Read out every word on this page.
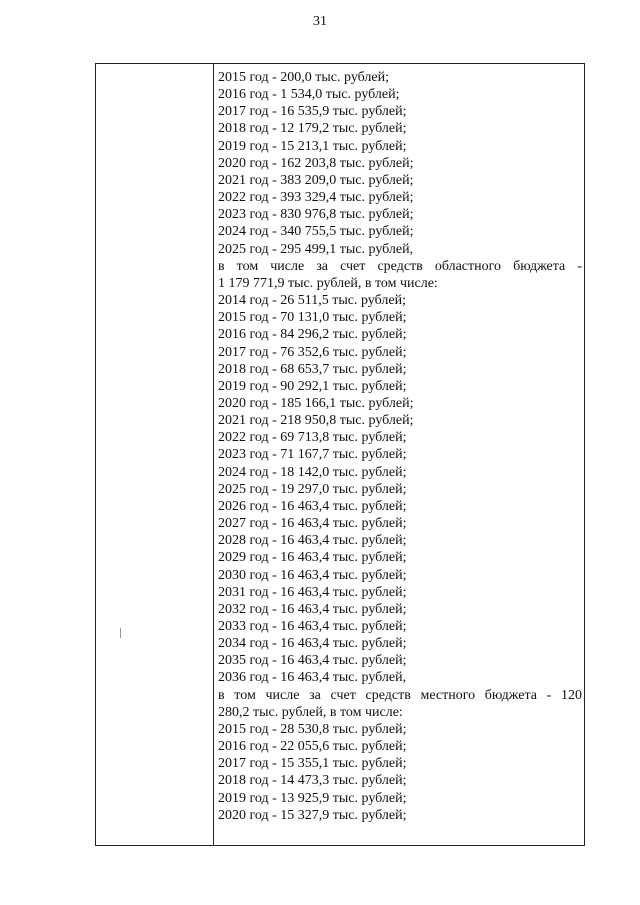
31
2015 год - 200,0 тыс. рублей;
2016 год - 1 534,0 тыс. рублей;
2017 год - 16 535,9 тыс. рублей;
2018 год - 12 179,2 тыс. рублей;
2019 год - 15 213,1 тыс. рублей;
2020 год - 162 203,8 тыс. рублей;
2021 год - 383 209,0 тыс. рублей;
2022 год - 393 329,4 тыс. рублей;
2023 год - 830 976,8 тыс. рублей;
2024 год - 340 755,5 тыс. рублей;
2025 год - 295 499,1 тыс. рублей,
в том числе за счет средств областного бюджета -
1 179 771,9 тыс. рублей, в том числе:
2014 год - 26 511,5 тыс. рублей;
2015 год - 70 131,0 тыс. рублей;
2016 год - 84 296,2 тыс. рублей;
2017 год - 76 352,6 тыс. рублей;
2018 год - 68 653,7 тыс. рублей;
2019 год - 90 292,1 тыс. рублей;
2020 год - 185 166,1 тыс. рублей;
2021 год - 218 950,8 тыс. рублей;
2022 год - 69 713,8 тыс. рублей;
2023 год - 71 167,7 тыс. рублей;
2024 год - 18 142,0 тыс. рублей;
2025 год - 19 297,0 тыс. рублей;
2026 год - 16 463,4 тыс. рублей;
2027 год - 16 463,4 тыс. рублей;
2028 год - 16 463,4 тыс. рублей;
2029 год - 16 463,4 тыс. рублей;
2030 год - 16 463,4 тыс. рублей;
2031 год - 16 463,4 тыс. рублей;
2032 год - 16 463,4 тыс. рублей;
2033 год - 16 463,4 тыс. рублей;
2034 год - 16 463,4 тыс. рублей;
2035 год - 16 463,4 тыс. рублей;
2036 год - 16 463,4 тыс. рублей,
в том числе за счет средств местного бюджета - 120
280,2 тыс. рублей, в том числе:
2015 год - 28 530,8 тыс. рублей;
2016 год - 22 055,6 тыс. рублей;
2017 год - 15 355,1 тыс. рублей;
2018 год - 14 473,3 тыс. рублей;
2019 год - 13 925,9 тыс. рублей;
2020 год - 15 327,9 тыс. рублей;
